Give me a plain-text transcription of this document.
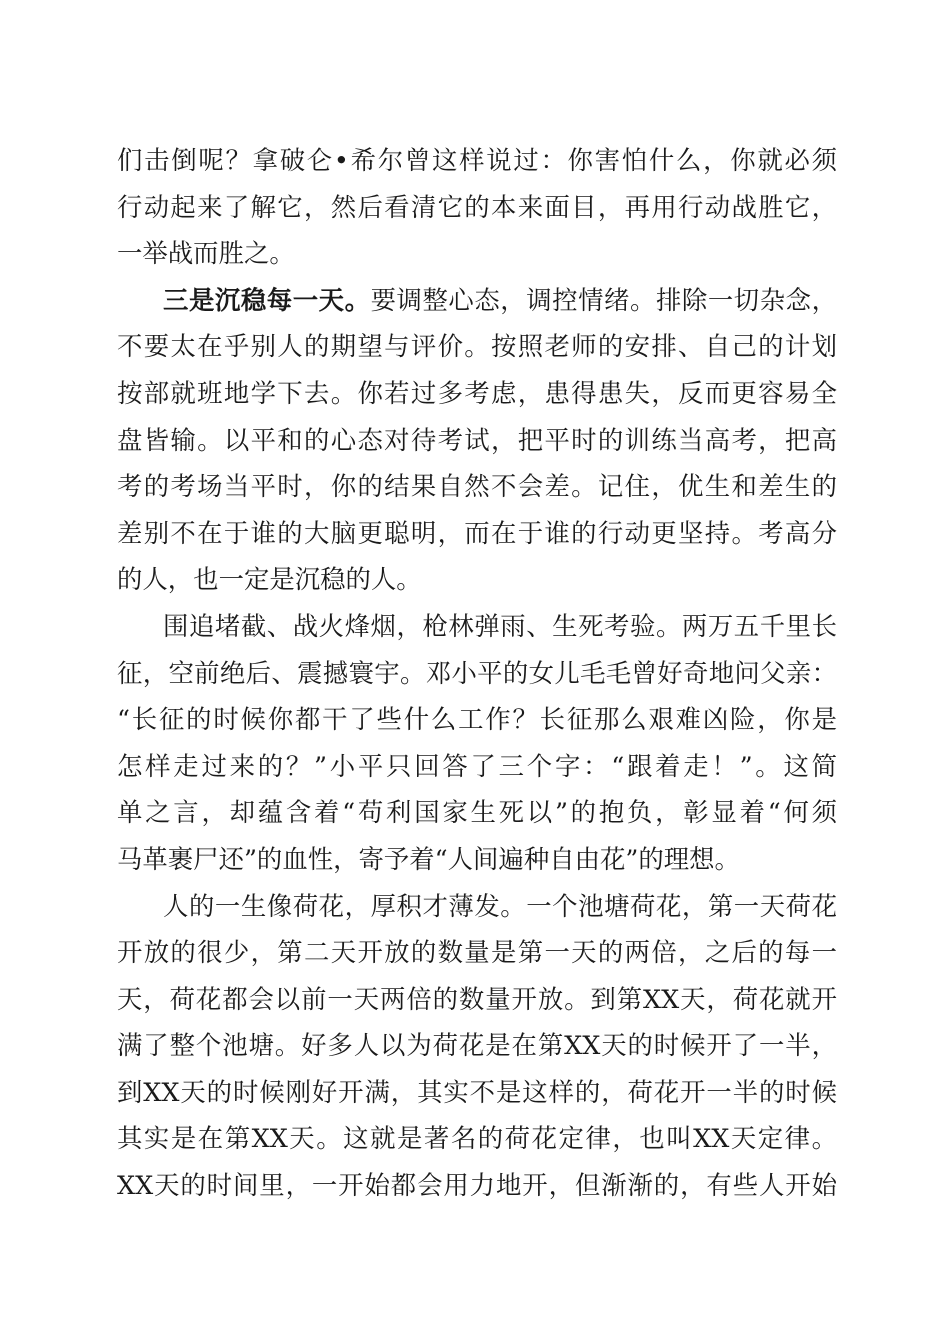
们击倒呢？拿破仑•希尔曾这样说过：你害怕什么，你就必须
行动起来了解它，然后看清它的本来面目，再用行动战胜它，
一举战而胜之。
三是沉稳每一天。要调整心态，调控情绪。排除一切杂念，
不要太在乎别人的期望与评价。按照老师的安排、自己的计划
按部就班地学下去。你若过多考虑，患得患失，反而更容易全
盘皆输。以平和的心态对待考试，把平时的训练当高考，把高
考的考场当平时，你的结果自然不会差。记住，优生和差生的
差别不在于谁的大脑更聪明，而在于谁的行动更坚持。考高分
的人，也一定是沉稳的人。
围追堵截、战火烽烟，枪林弹雨、生死考验。两万五千里长
征，空前绝后、震撼寰宇。邓小平的女儿毛毛曾好奇地问父亲：
“长征的时候你都干了些什么工作？长征那么艰难凶险，你是
怎样走过来的？”小平只回答了三个字：“跟着走！”。这简
单之言，却蕴含着“苟利国家生死以”的抱负，彰显着“何须
马革裹尸还”的血性，寄予着“人间遍种自由花”的理想。
人的一生像荷花，厚积才薄发。一个池塘荷花，第一天荷花
开放的很少，第二天开放的数量是第一天的两倍，之后的每一
天，荷花都会以前一天两倍的数量开放。到第XX天，荷花就开
满了整个池塘。好多人以为荷花是在第XX天的时候开了一半，
到XX天的时候刚好开满，其实不是这样的，荷花开一半的时候
其实是在第XX天。这就是著名的荷花定律，也叫XX天定律。
XX天的时间里，一开始都会用力地开，但渐渐的，有些人开始
